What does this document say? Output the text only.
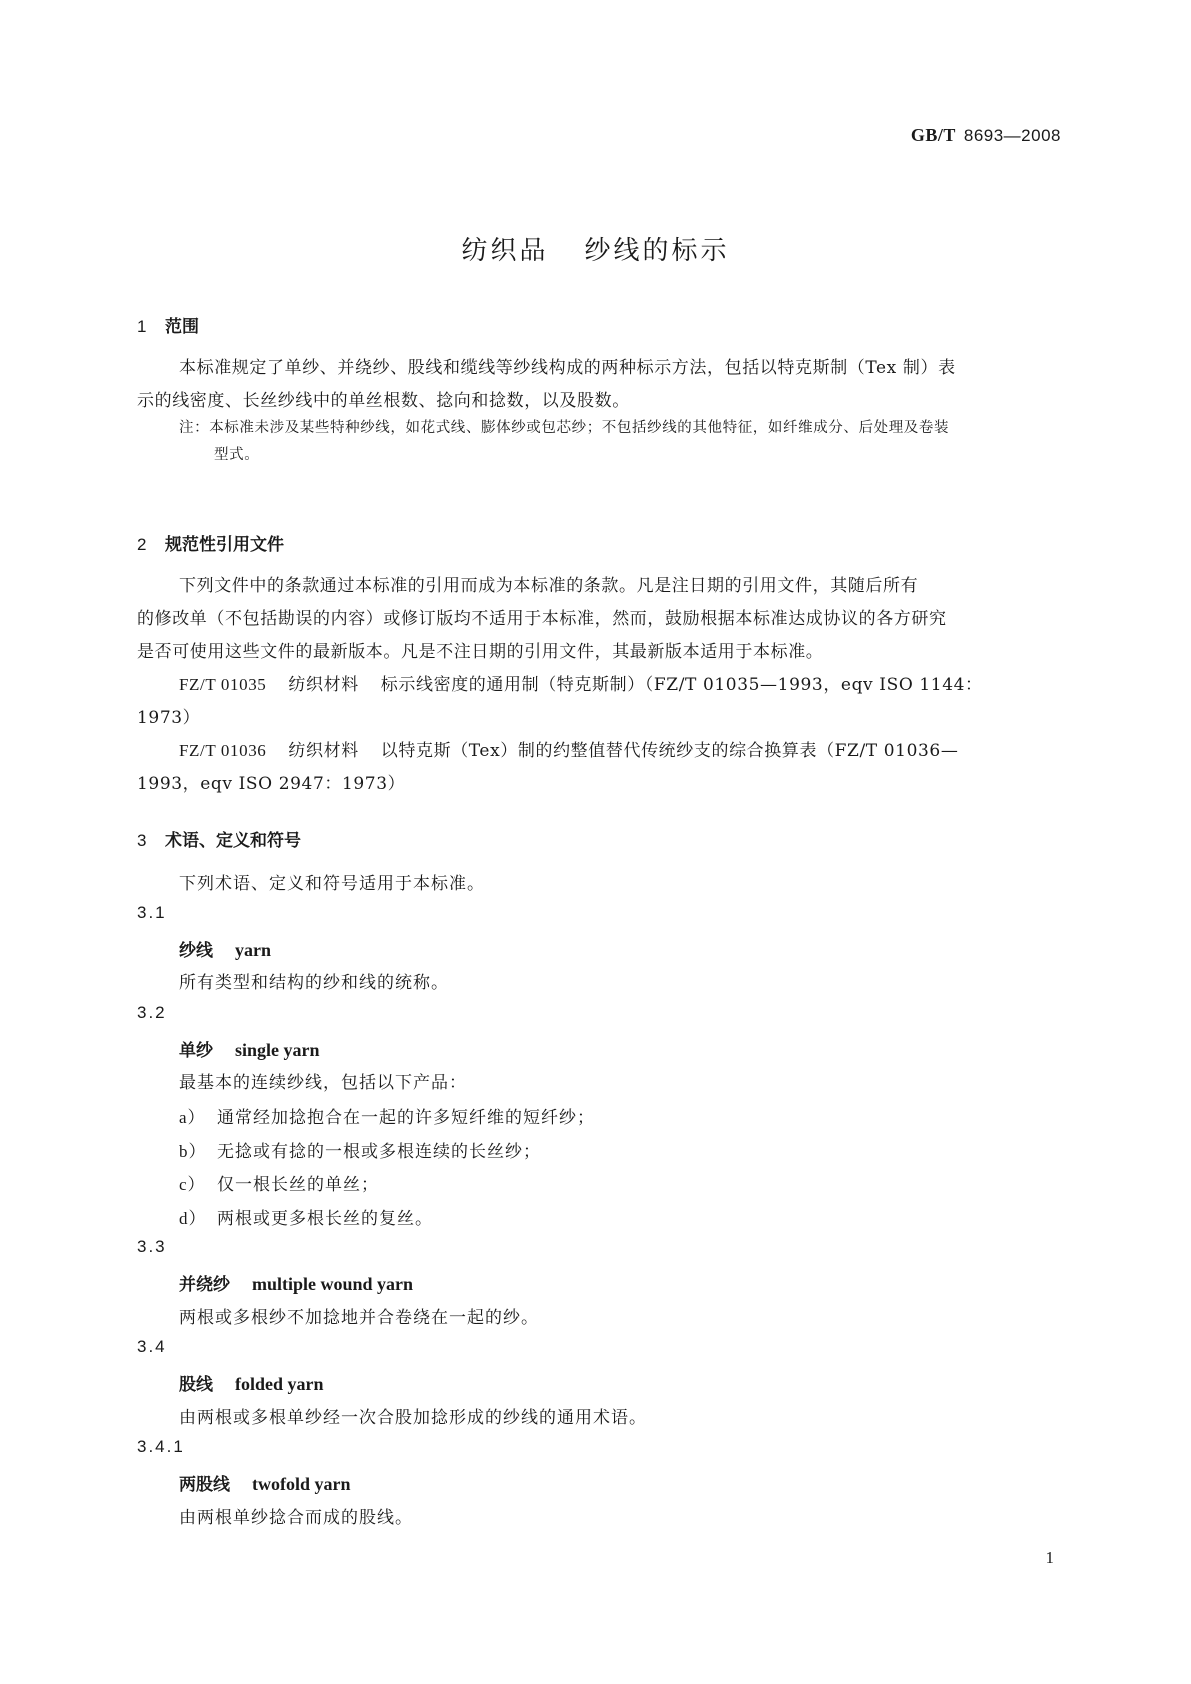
GB/T 8693—2008
纺织品 纱线的标示
1 范围
本标准规定了单纱、并绕纱、股线和缆线等纱线构成的两种标示方法，包括以特克斯制（Tex 制）表
示的线密度、长丝纱线中的单丝根数、捻向和捻数，以及股数。
注：本标准未涉及某些特种纱线，如花式线、膨体纱或包芯纱；不包括纱线的其他特征，如纤维成分、后处理及卷装
型式。
2 规范性引用文件
下列文件中的条款通过本标准的引用而成为本标准的条款。凡是注日期的引用文件，其随后所有
的修改单（不包括勘误的内容）或修订版均不适用于本标准，然而，鼓励根据本标准达成协议的各方研究
是否可使用这些文件的最新版本。凡是不注日期的引用文件，其最新版本适用于本标准。
FZ/T 01035 纺织材料 标示线密度的通用制（特克斯制）（FZ/T 01035—1993，eqv ISO 1144：
1973）
FZ/T 01036 纺织材料 以特克斯（Tex）制的约整值替代传统纱支的综合换算表（FZ/T 01036—
1993，eqv ISO 2947：1973）
3 术语、定义和符号
下列术语、定义和符号适用于本标准。
3.1
纱线 yarn
所有类型和结构的纱和线的统称。
3.2
单纱 single yarn
最基本的连续纱线，包括以下产品：
a） 通常经加捻抱合在一起的许多短纤维的短纤纱；
b） 无捻或有捻的一根或多根连续的长丝纱；
c） 仅一根长丝的单丝；
d） 两根或更多根长丝的复丝。
3.3
并绕纱 multiple wound yarn
两根或多根纱不加捻地并合卷绕在一起的纱。
3.4
股线 folded yarn
由两根或多根单纱经一次合股加捻形成的纱线的通用术语。
3.4.1
两股线 twofold yarn
由两根单纱捻合而成的股线。
1
